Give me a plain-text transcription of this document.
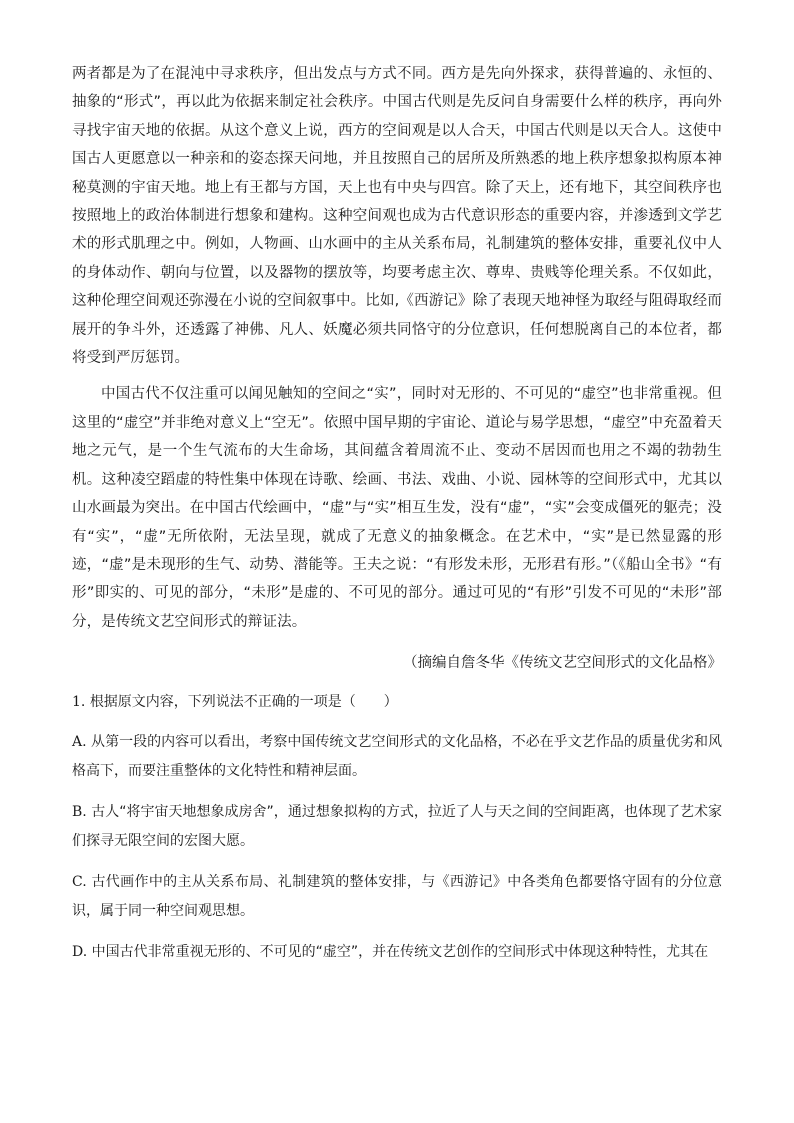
两者都是为了在混沌中寻求秩序，但出发点与方式不同。西方是先向外探求，获得普遍的、永恒的、抽象的“形式”，再以此为依据来制定社会秩序。中国古代则是先反问自身需要什么样的秩序，再向外寻找宇宙天地的依据。从这个意义上说，西方的空间观是以人合天，中国古代则是以天合人。这使中国古人更愿意以一种亲和的姿态探天问地，并且按照自己的居所及所熟悉的地上秩序想象拟构原本神秘莫测的宇宙天地。地上有王都与方国，天上也有中央与四宫。除了天上，还有地下，其空间秩序也按照地上的政治体制进行想象和建构。这种空间观也成为古代意识形态的重要内容，并渗透到文学艺术的形式肌理之中。例如，人物画、山水画中的主从关系布局，礼制建筑的整体安排，重要礼仪中人的身体动作、朝向与位置，以及器物的摆放等，均要考虑主次、尊卑、贵贱等伦理关系。不仅如此，这种伦理空间观还弥漫在小说的空间叙事中。比如,《西游记》除了表现天地神怪为取经与阻碍取经而展开的争斗外，还透露了神佛、凡人、妖魔必须共同恪守的分位意识，任何想脱离自己的本位者，都将受到严厉惩罚。

中国古代不仅注重可以闻见触知的空间之“实”，同时对无形的、不可见的“虚空”也非常重视。但这里的“虚空”并非绝对意义上“空无”。依照中国早期的宇宙论、道论与易学思想，“虚空”中充盈着天地之元气，是一个生气流布的大生命场，其间蕴含着周流不止、变动不居因而也用之不竭的勃勃生机。这种凌空蹈虚的特性集中体现在诗歌、绘画、书法、戏曲、小说、园林等的空间形式中，尤其以山水画最为突出。在中国古代绘画中，“虚”与“实”相互生发，没有“虚”，“实”会变成僵死的躯壳；没有“实”，“虚”无所依附，无法呈现，就成了无意义的抽象概念。在艺术中，“实”是已然显露的形迹，“虚”是未现形的生气、动势、潜能等。王夫之说：“有形发未形，无形君有形。”（《船山全书》“有形”即实的、可见的部分，“未形”是虚的、不可见的部分。通过可见的“有形”引发不可见的“未形”部分，是传统文艺空间形式的辩证法。

（摘编自詹冬华《传统文艺空间形式的文化品格》

1. 根据原文内容，下列说法不正确的一项是（　　）

A. 从第一段的内容可以看出，考察中国传统文艺空间形式的文化品格，不必在乎文艺作品的质量优劣和风格高下，而要注重整体的文化特性和精神层面。

B. 古人“将宇宙天地想象成房舍”，通过想象拟构的方式，拉近了人与天之间的空间距离，也体现了艺术家们探寻无限空间的宏图大愿。

C. 古代画作中的主从关系布局、礼制建筑的整体安排，与《西游记》中各类角色都要恪守固有的分位意识，属于同一种空间观思想。

D. 中国古代非常重视无形的、不可见的“虚空”，并在传统文艺创作的空间形式中体现这种特性，尤其在
